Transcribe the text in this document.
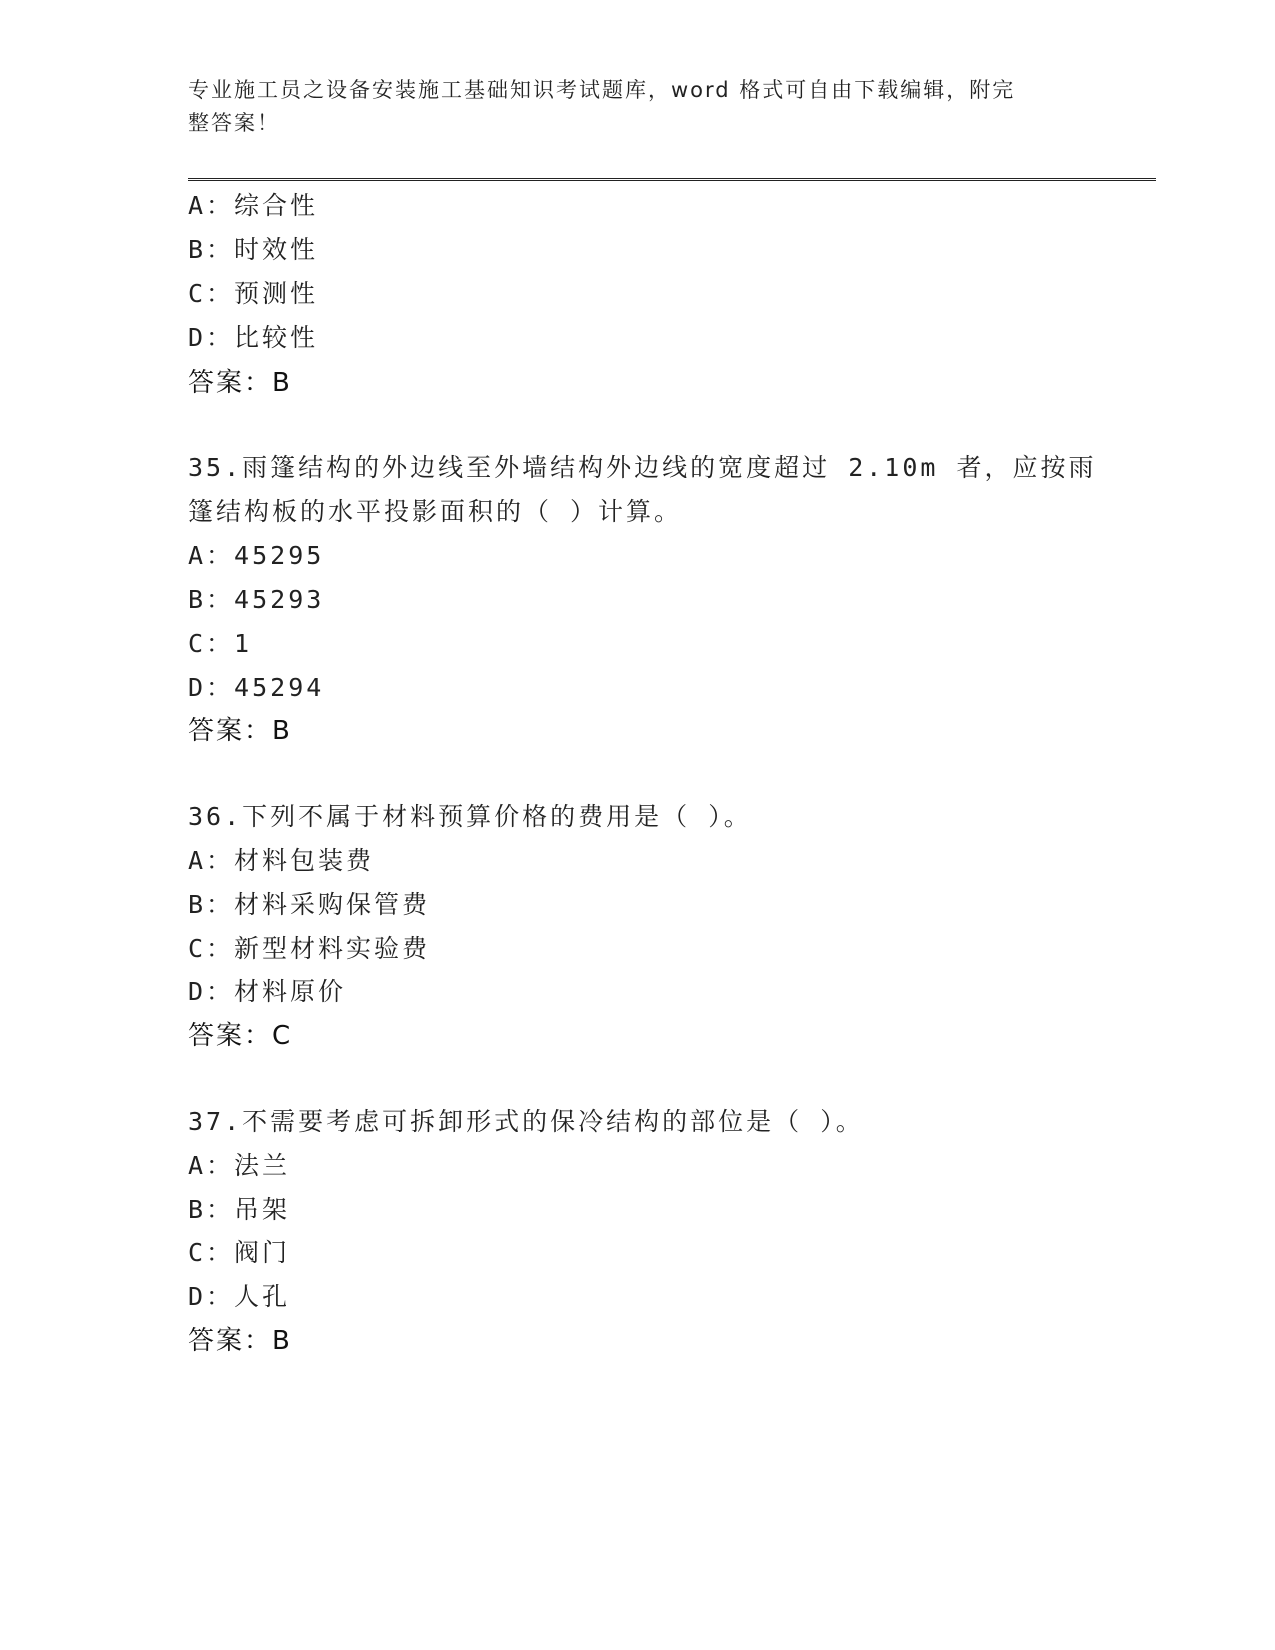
专业施工员之设备安装施工基础知识考试题库，word 格式可自由下载编辑，附完
整答案！
A：综合性
B：时效性
C：预测性
D：比较性
答案：B
35.雨篷结构的外边线至外墙结构外边线的宽度超过 2.10m 者，应按雨
篷结构板的水平投影面积的（ ）计算。
A：45295
B：45293
C：1
D：45294
答案：B
36.下列不属于材料预算价格的费用是（ ）。
A：材料包装费
B：材料采购保管费
C：新型材料实验费
D：材料原价
答案：C
37.不需要考虑可拆卸形式的保冷结构的部位是（ ）。
A：法兰
B：吊架
C：阀门
D：人孔
答案：B
